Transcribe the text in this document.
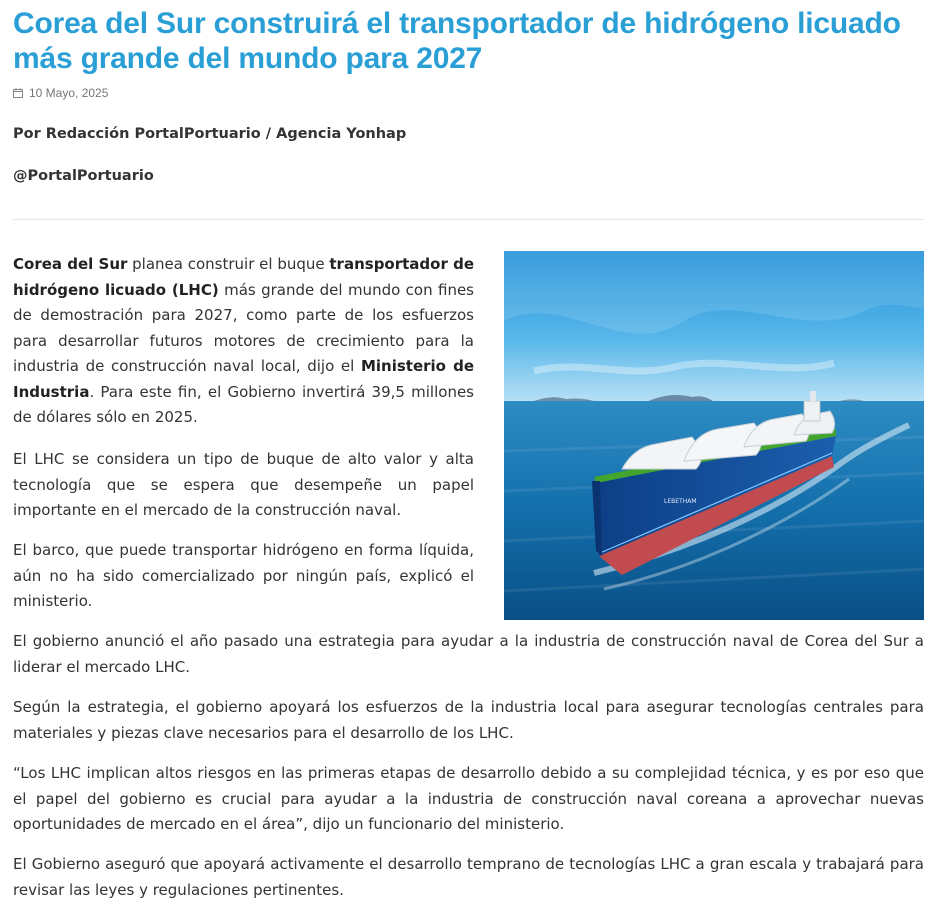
Corea del Sur construirá el transportador de hidrógeno licuado más grande del mundo para 2027
10 Mayo, 2025
Por Redacción PortalPortuario / Agencia Yonhap
@PortalPortuario
LEBETHAM

Corea del Sur planea construir el buque transportador de hidrógeno licuado (LHC) más grande del mundo con fines de demostración para 2027, como parte de los esfuerzos para desarrollar futuros motores de crecimiento para la industria de construcción naval local, dijo el Ministerio de Industria. Para este fin, el Gobierno invertirá 39,5 millones de dólares sólo en 2025.

El LHC se considera un tipo de buque de alto valor y alta tecnología que se espera que desempeñe un papel importante en el mercado de la construcción naval.

El barco, que puede transportar hidrógeno en forma líquida, aún no ha sido comercializado por ningún país, explicó el ministerio.

El gobierno anunció el año pasado una estrategia para ayudar a la industria de construcción naval de Corea del Sur a liderar el mercado LHC.

Según la estrategia, el gobierno apoyará los esfuerzos de la industria local para asegurar tecnologías centrales para materiales y piezas clave necesarios para el desarrollo de los LHC.

“Los LHC implican altos riesgos en las primeras etapas de desarrollo debido a su complejidad técnica, y es por eso que el papel del gobierno es crucial para ayudar a la industria de construcción naval coreana a aprovechar nuevas oportunidades de mercado en el área”, dijo un funcionario del ministerio.

El Gobierno aseguró que apoyará activamente el desarrollo temprano de tecnologías LHC a gran escala y trabajará para revisar las leyes y regulaciones pertinentes.
